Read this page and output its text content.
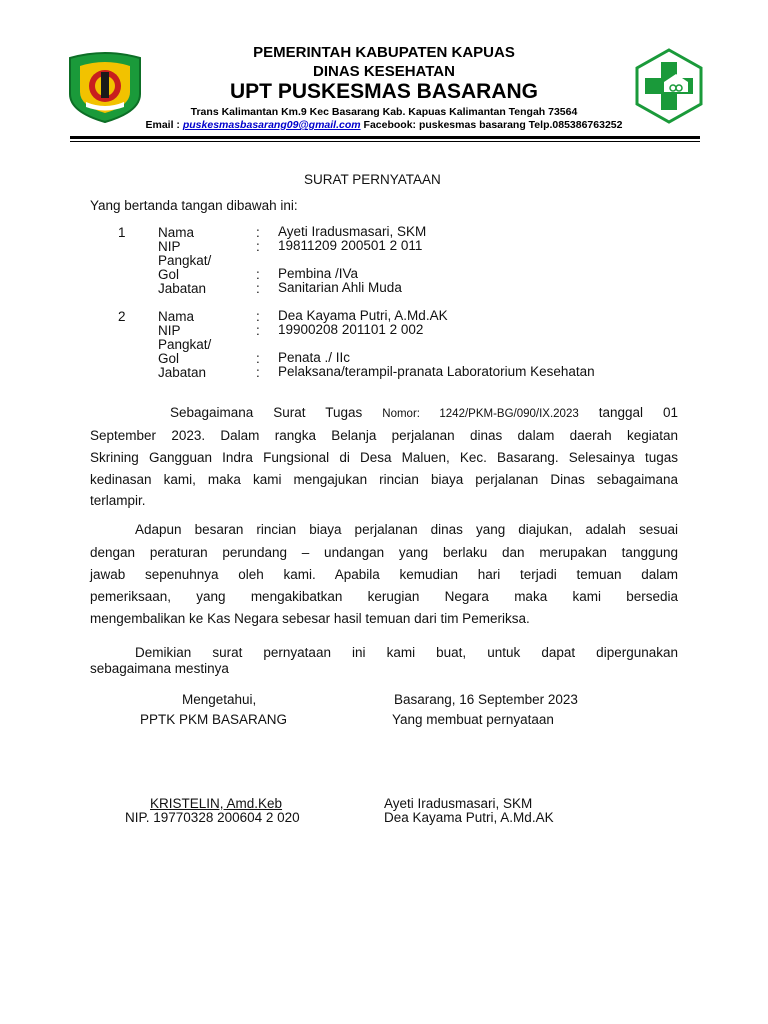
PEMERINTAH KABUPATEN KAPUAS
DINAS KESEHATAN
UPT PUSKESMAS BASARANG
Trans Kalimantan Km.9 Kec Basarang Kab. Kapuas Kalimantan Tengah 73564
Email : puskesmasbasarang09@gmail.com Facebook: puskesmas basarang Telp.085386763252
SURAT PERNYATAAN
Yang bertanda tangan dibawah ini:
1 Nama	: Ayeti Iradusmasari, SKM
NIP	: 19811209 200501 2 011
Pangkat/
Gol	: Pembina /IVa
Jabatan	: Sanitarian Ahli Muda
2 Nama	: Dea Kayama Putri, A.Md.AK
NIP	: 19900208 201101 2 002
Pangkat/
Gol	: Penata ./ IIc
Jabatan	: Pelaksana/terampil-pranata Laboratorium Kesehatan
Sebagaimana Surat Tugas Nomor: 1242/PKM-BG/090/IX.2023 tanggal 01
September 2023. Dalam rangka Belanja perjalanan dinas dalam daerah kegiatan
Skrining Gangguan Indra Fungsional di Desa Maluen, Kec. Basarang. Selesainya tugas
kedinasan kami, maka kami mengajukan rincian biaya perjalanan Dinas sebagaimana
terlampir.
Adapun besaran rincian biaya perjalanan dinas yang diajukan, adalah sesuai
dengan peraturan perundang – undangan yang berlaku dan merupakan tanggung
jawab sepenuhnya oleh kami. Apabila kemudian hari terjadi temuan dalam
pemeriksaan, yang mengakibatkan kerugian Negara maka kami bersedia
mengembalikan ke Kas Negara sebesar hasil temuan dari tim Pemeriksa.
Demikian surat pernyataan ini kami buat, untuk dapat dipergunakan
sebagaimana mestinya
Mengetahui,
PPTK PKM BASARANG
Basarang, 16 September 2023
Yang membuat pernyataan
KRISTELIN, Amd.Keb
NIP. 19770328 200604 2 020
Ayeti Iradusmasari, SKM
Dea Kayama Putri, A.Md.AK
